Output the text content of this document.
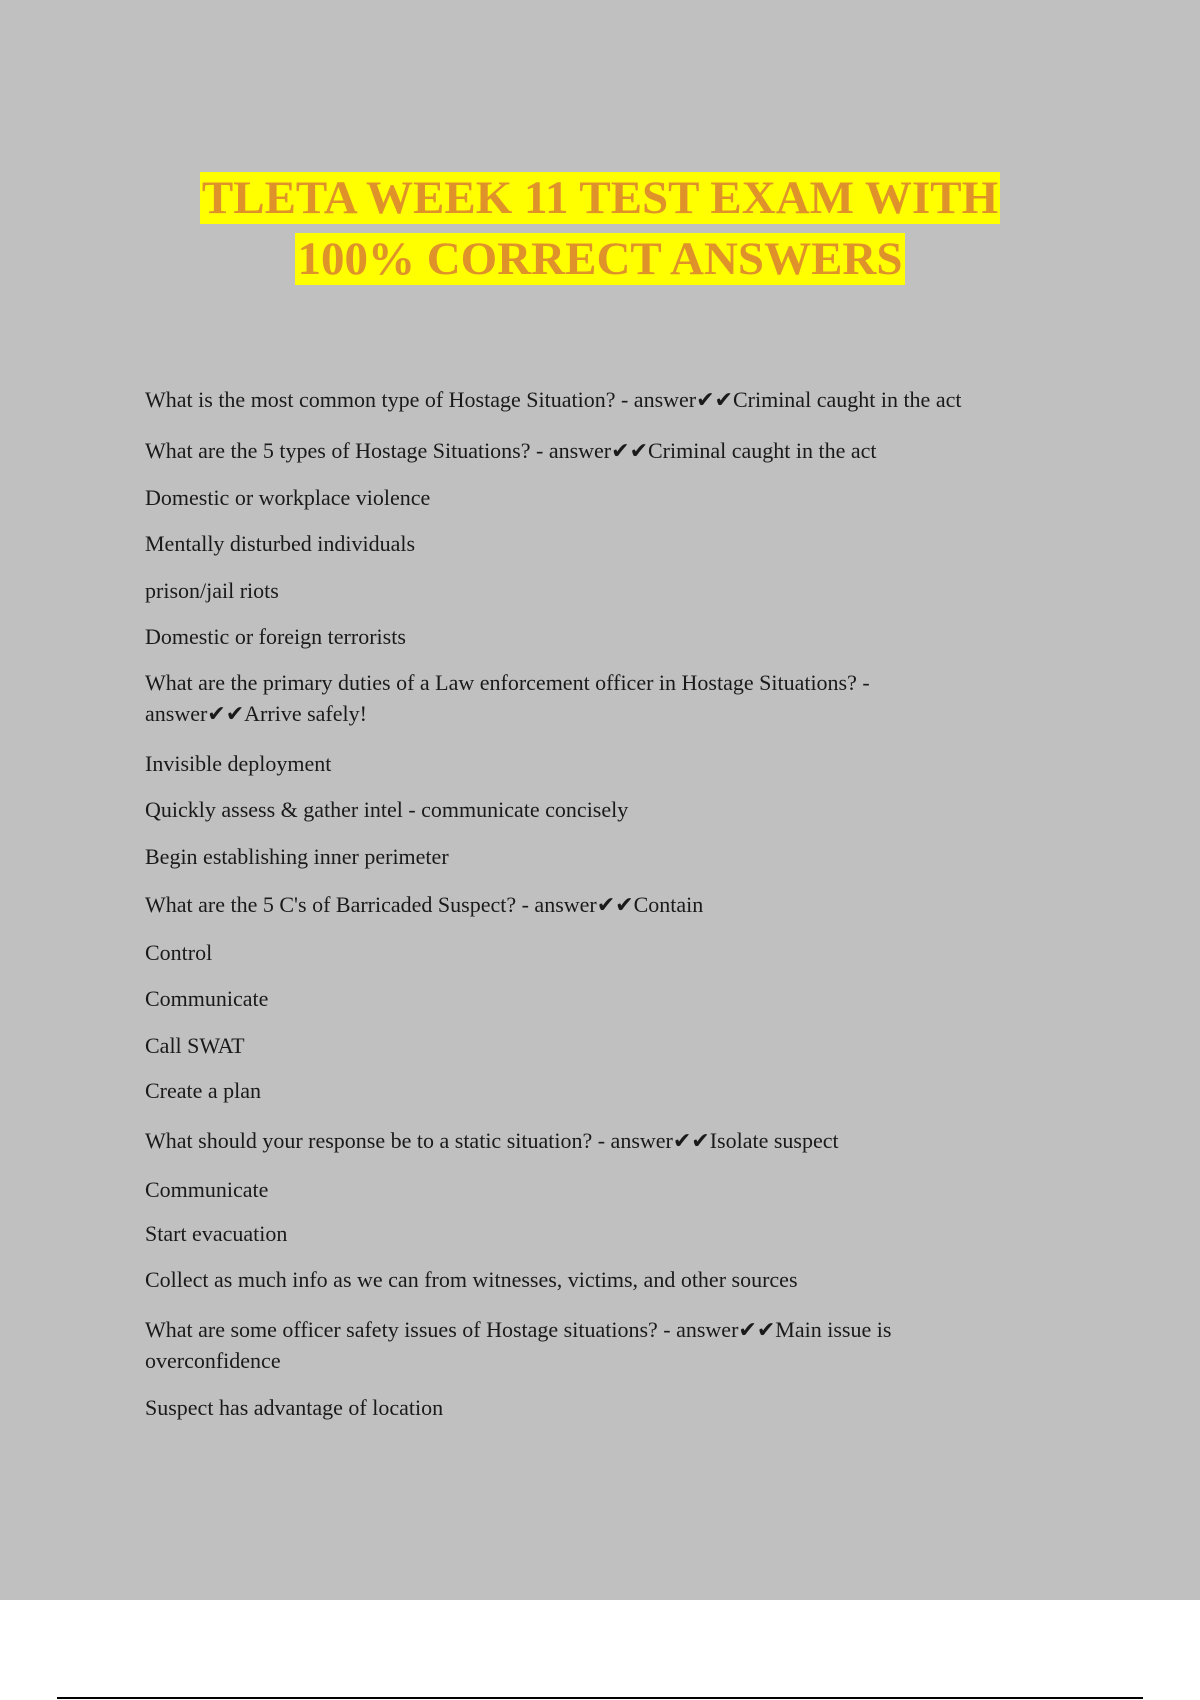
TLETA WEEK 11 TEST EXAM WITH
100% CORRECT ANSWERS
What is the most common type of Hostage Situation? - answer✔✔Criminal caught in the act
What are the 5 types of Hostage Situations? - answer✔✔Criminal caught in the act
Domestic or workplace violence
Mentally disturbed individuals
prison/jail riots
Domestic or foreign terrorists
What are the primary duties of a Law enforcement officer in Hostage Situations? - answer✔✔Arrive safely!
Invisible deployment
Quickly assess & gather intel - communicate concisely
Begin establishing inner perimeter
What are the 5 C's of Barricaded Suspect? - answer✔✔Contain
Control
Communicate
Call SWAT
Create a plan
What should your response be to a static situation? - answer✔✔Isolate suspect
Communicate
Start evacuation
Collect as much info as we can from witnesses, victims, and other sources
What are some officer safety issues of Hostage situations? - answer✔✔Main issue is overconfidence
Suspect has advantage of location
